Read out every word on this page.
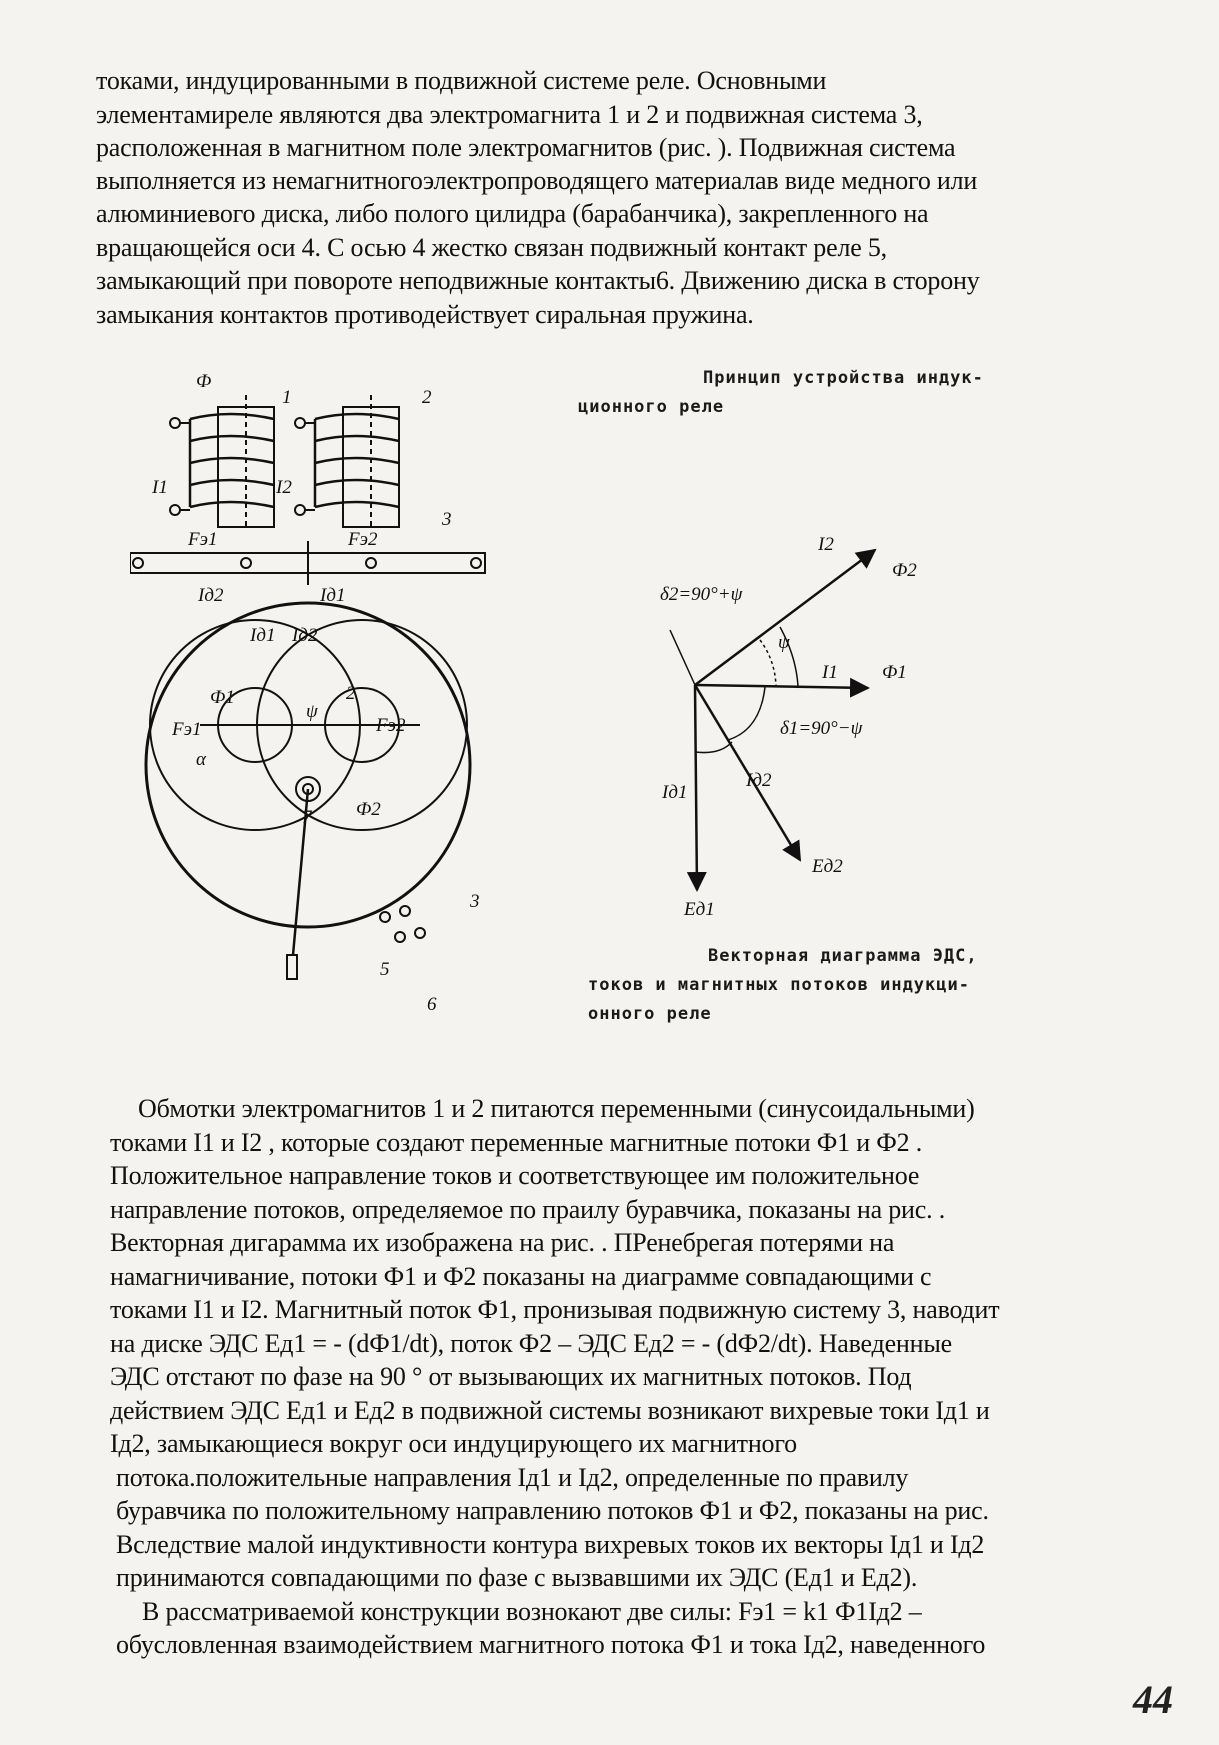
токами, индуцированными в подвижной системе реле. Основными
элементамиреле являются два электромагнита 1 и 2 и подвижная система 3,
расположенная в магнитном поле электромагнитов (рис. ). Подвижная система
выполняется из немагнитногоэлектропроводящего материалав виде медного или
алюминиевого диска, либо полого цилидра (барабанчика), закрепленного на
вращающейся оси 4. С осью 4 жестко связан подвижный контакт реле 5,
замыкающий при повороте неподвижные контакты6. Движению диска в сторону
замыкания контактов противодействует сиральная пружина.
Принцип устройства индук-
ционного реле
Векторная диаграмма ЭДС,
токов и магнитных потоков индукци-
онного реле
Ф
1	2
3
I1	I2
Fэ1	Fэ2
Iд2	Iд1
Iд1 Iд2
Ф1
Ф2
Fэ1	Fэ2
2
α
7
ψ
3
5
6
I2
Ф2
I1 Ф1
δ2=90°+ψ
ψ
δ1=90°−ψ
Iд1
Iд2
Eд1
Eд2
Обмотки электромагнитов 1 и 2 питаются переменными (синусоидальными)
токами I1 и I2 , которые создают переменные магнитные потоки Ф1 и Ф2 .
Положительное направление токов и соответствующее им положительное
направление потоков, определяемое по праилу буравчика, показаны на рис. .
Векторная дигарамма их изображена на рис. . ПРенебрегая потерями на
намагничивание, потоки Ф1 и Ф2 показаны на диаграмме совпадающими с
токами I1 и I2. Магнитный поток Ф1, пронизывая подвижную систему 3, наводит
на диске ЭДС Ед1 = - (dФ1/dt), поток Ф2 – ЭДС Ед2 = - (dФ2/dt). Наведенные
ЭДС отстают по фазе на 90 ° от вызывающих их магнитных потоков. Под
действием ЭДС Ед1 и Ед2 в подвижной системы возникают вихревые токи Iд1 и
Iд2, замыкающиеся вокруг оси индуцирующего их магнитного
потока.положительные направления Iд1 и Iд2, определенные по правилу
буравчика по положительному направлению потоков Ф1 и Ф2, показаны на рис.
Вследствие малой индуктивности контура вихревых токов их векторы Iд1 и Iд2
принимаются совпадающими по фазе с вызвавшими их ЭДС (Ед1 и Ед2).
В рассматриваемой конструкции вознокают две силы: Fэ1 = k1 Ф1Iд2 –
обусловленная взаимодействием магнитного потока Ф1 и тока Iд2, наведенного
44
